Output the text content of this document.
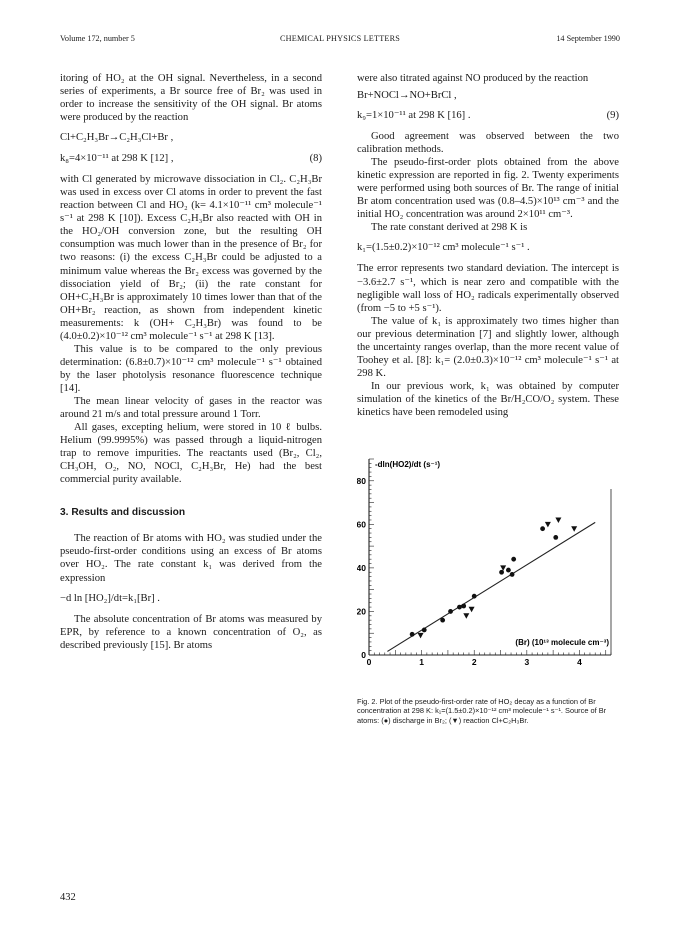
Volume 172, number 5	CHEMICAL PHYSICS LETTERS	14 September 1990

itoring of HO₂ at the OH signal. Nevertheless, in a second series of experiments, a Br source free of Br₂ was used in order to increase the sensitivity of the OH signal. Br atoms were produced by the reaction

Cl+C₂H₃Br→C₂H₃Cl+Br ,
k₈=4×10⁻¹¹ at 298 K [12] ,	(8)

with Cl generated by microwave dissociation in Cl₂. C₂H₃Br was used in excess over Cl atoms in order to prevent the fast reaction between Cl and HO₂ (k= 4.1×10⁻¹¹ cm³ molecule⁻¹ s⁻¹ at 298 K [10]). Excess C₂H₃Br also reacted with OH in the HO₂/OH conversion zone, but the resulting OH consumption was much lower than in the presence of Br₂ for two reasons: (i) the excess C₂H₃Br could be adjusted to a minimum value whereas the Br₂ excess was governed by the dissociation yield of Br₂; (ii) the rate constant for OH+C₂H₃Br is approximately 10 times lower than that of the OH+Br₂ reaction, as shown from independent kinetic measurements: k (OH+ C₂H₃Br) was found to be (4.0±0.2)×10⁻¹² cm³ molecule⁻¹ s⁻¹ at 298 K [13].

This value is to be compared to the only previous determination: (6.8±0.7)×10⁻¹² cm³ molecule⁻¹ s⁻¹ obtained by the laser photolysis resonance fluorescence technique [14].

The mean linear velocity of gases in the reactor was around 21 m/s and total pressure around 1 Torr.

All gases, excepting helium, were stored in 10 ℓ bulbs. Helium (99.9995%) was passed through a liquid-nitrogen trap to remove impurities. The reactants used (Br₂, Cl₂, CH₃OH, O₂, NO, NOCl, C₂H₃Br, He) had the best commercial purity available.

3. Results and discussion

The reaction of Br atoms with HO₂ was studied under the pseudo-first-order conditions using an excess of Br atoms over HO₂. The rate constant k₁ was derived from the expression

−d ln [HO₂]/dt=k₁[Br] .

The absolute concentration of Br atoms was measured by EPR, by reference to a known concentration of O₂, as described previously [15]. Br atoms

were also titrated against NO produced by the reaction

Br+NOCl→NO+BrCl ,
k₉=1×10⁻¹¹ at 298 K [16] .	(9)

Good agreement was observed between the two calibration methods.

The pseudo-first-order plots obtained from the above kinetic expression are reported in fig. 2. Twenty experiments were performed using both sources of Br. The range of initial Br atom concentration used was (0.8–4.5)×10¹³ cm⁻³ and the initial HO₂ concentration was around 2×10¹¹ cm⁻³.

The rate constant derived at 298 K is

k₁=(1.5±0.2)×10⁻¹² cm³ molecule⁻¹ s⁻¹ .

The error represents two standard deviation. The intercept is −3.6±2.7 s⁻¹, which is near zero and compatible with the negligible wall loss of HO₂ radicals experimentally observed (from −5 to +5 s⁻¹).

The value of k₁ is approximately two times higher than our previous determination [7] and slightly lower, although the uncertainty ranges overlap, than the more recent value of Toohey et al. [8]: k₁= (2.0±0.3)×10⁻¹² cm³ molecule⁻¹ s⁻¹ at 298 K.

In our previous work, k₁ was obtained by computer simulation of the kinetics of the Br/H₂CO/O₂ system. These kinetics have been remodeled using

0
20
40
60
80
0	1	2	3	4
-dln(HO2)/dt (s⁻¹)
(Br) (10¹³ molecule cm⁻³)
Fig. 2. Plot of the pseudo-first-order rate of HO₂ decay as a function of Br concentration at 298 K: k₁=(1.5±0.2)×10⁻¹² cm³ molecule⁻¹ s⁻¹. Source of Br atoms: (●) discharge in Br₂; (▼) reaction Cl+C₂H₃Br.
432
